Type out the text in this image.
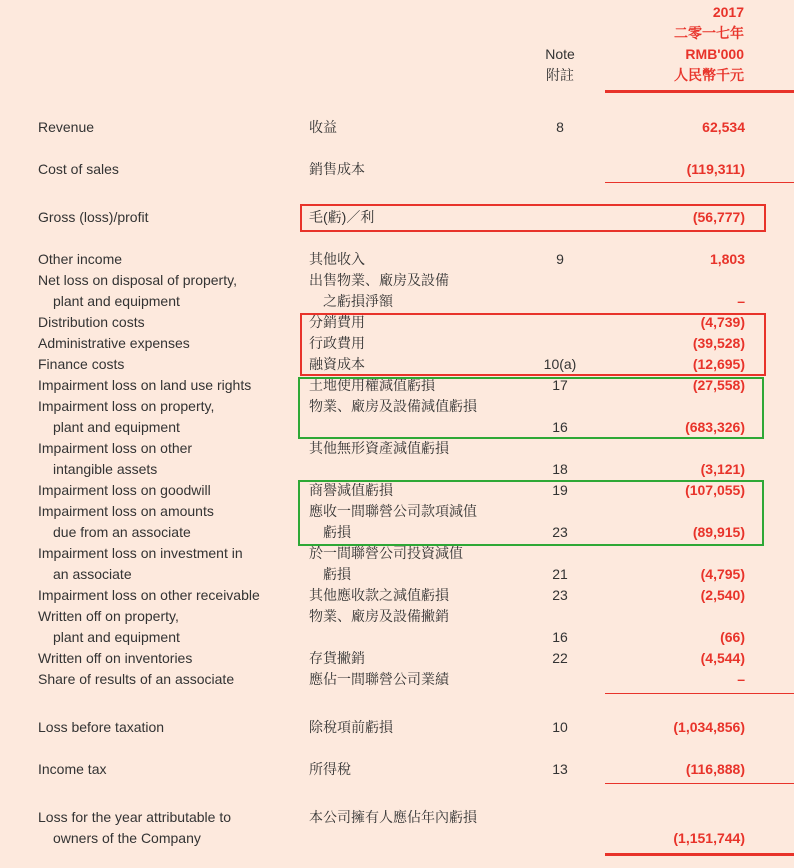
Note
附註
2017
二零一七年
RMB'000
人民幣千元
Revenue	收益	8	62,534
Cost of sales	銷售成本	(119,311)
Gross (loss)/profit	毛(虧)／利	(56,777)
Other income	其他收入	9	1,803
Net loss on disposal of property,	出售物業、廠房及設備
plant and equipment	之虧損淨額	–
Distribution costs	分銷費用	(4,739)
Administrative expenses	行政費用	(39,528)
Finance costs	融資成本	10(a)	(12,695)
Impairment loss on land use rights	土地使用權減值虧損	17	(27,558)
Impairment loss on property,	物業、廠房及設備減值虧損
plant and equipment	16	(683,326)
Impairment loss on other	其他無形資產減值虧損
intangible assets	18	(3,121)
Impairment loss on goodwill	商譽減值虧損	19	(107,055)
Impairment loss on amounts	應收一間聯營公司款項減值
due from an associate	虧損	23	(89,915)
Impairment loss on investment in	於一間聯營公司投資減值
an associate	虧損	21	(4,795)
Impairment loss on other receivable	其他應收款之減值虧損	23	(2,540)
Written off on property,	物業、廠房及設備撇銷
plant and equipment	16	(66)
Written off on inventories	存貨撇銷	22	(4,544)
Share of results of an associate	應佔一間聯營公司業績	–
Loss before taxation	除稅項前虧損	10	(1,034,856)
Income tax	所得稅	13	(116,888)
Loss for the year attributable to	本公司擁有人應佔年內虧損
owners of the Company	(1,151,744)
